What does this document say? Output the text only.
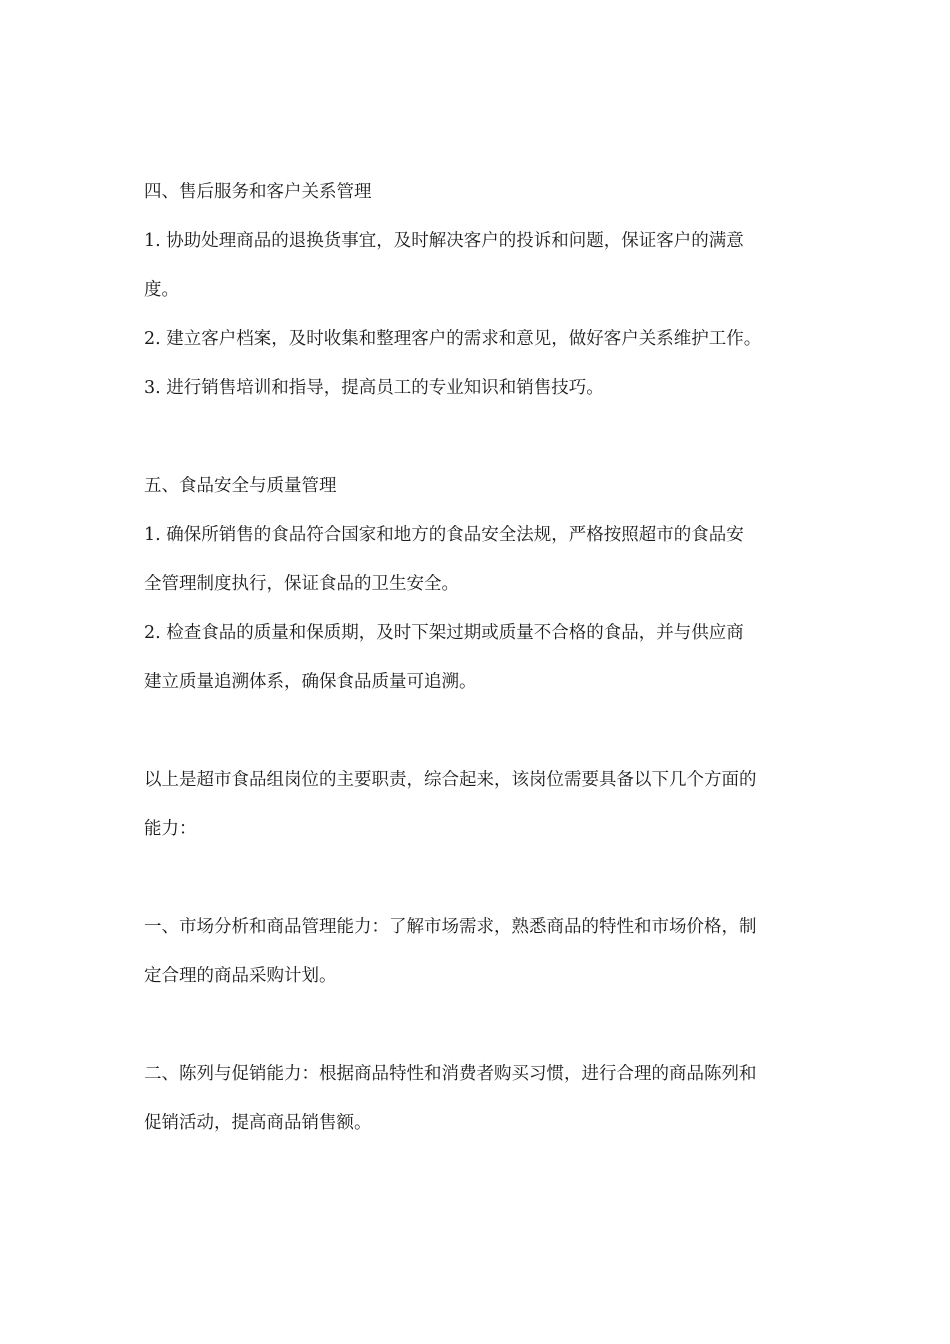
四、售后服务和客户关系管理

1. 协助处理商品的退换货事宜，及时解决客户的投诉和问题，保证客户的满意

度。

2. 建立客户档案，及时收集和整理客户的需求和意见，做好客户关系维护工作。

3. 进行销售培训和指导，提高员工的专业知识和销售技巧。

五、食品安全与质量管理

1. 确保所销售的食品符合国家和地方的食品安全法规，严格按照超市的食品安

全管理制度执行，保证食品的卫生安全。

2. 检查食品的质量和保质期，及时下架过期或质量不合格的食品，并与供应商

建立质量追溯体系，确保食品质量可追溯。

以上是超市食品组岗位的主要职责，综合起来，该岗位需要具备以下几个方面的

能力：

一、市场分析和商品管理能力：了解市场需求，熟悉商品的特性和市场价格，制

定合理的商品采购计划。

二、陈列与促销能力：根据商品特性和消费者购买习惯，进行合理的商品陈列和

促销活动，提高商品销售额。
